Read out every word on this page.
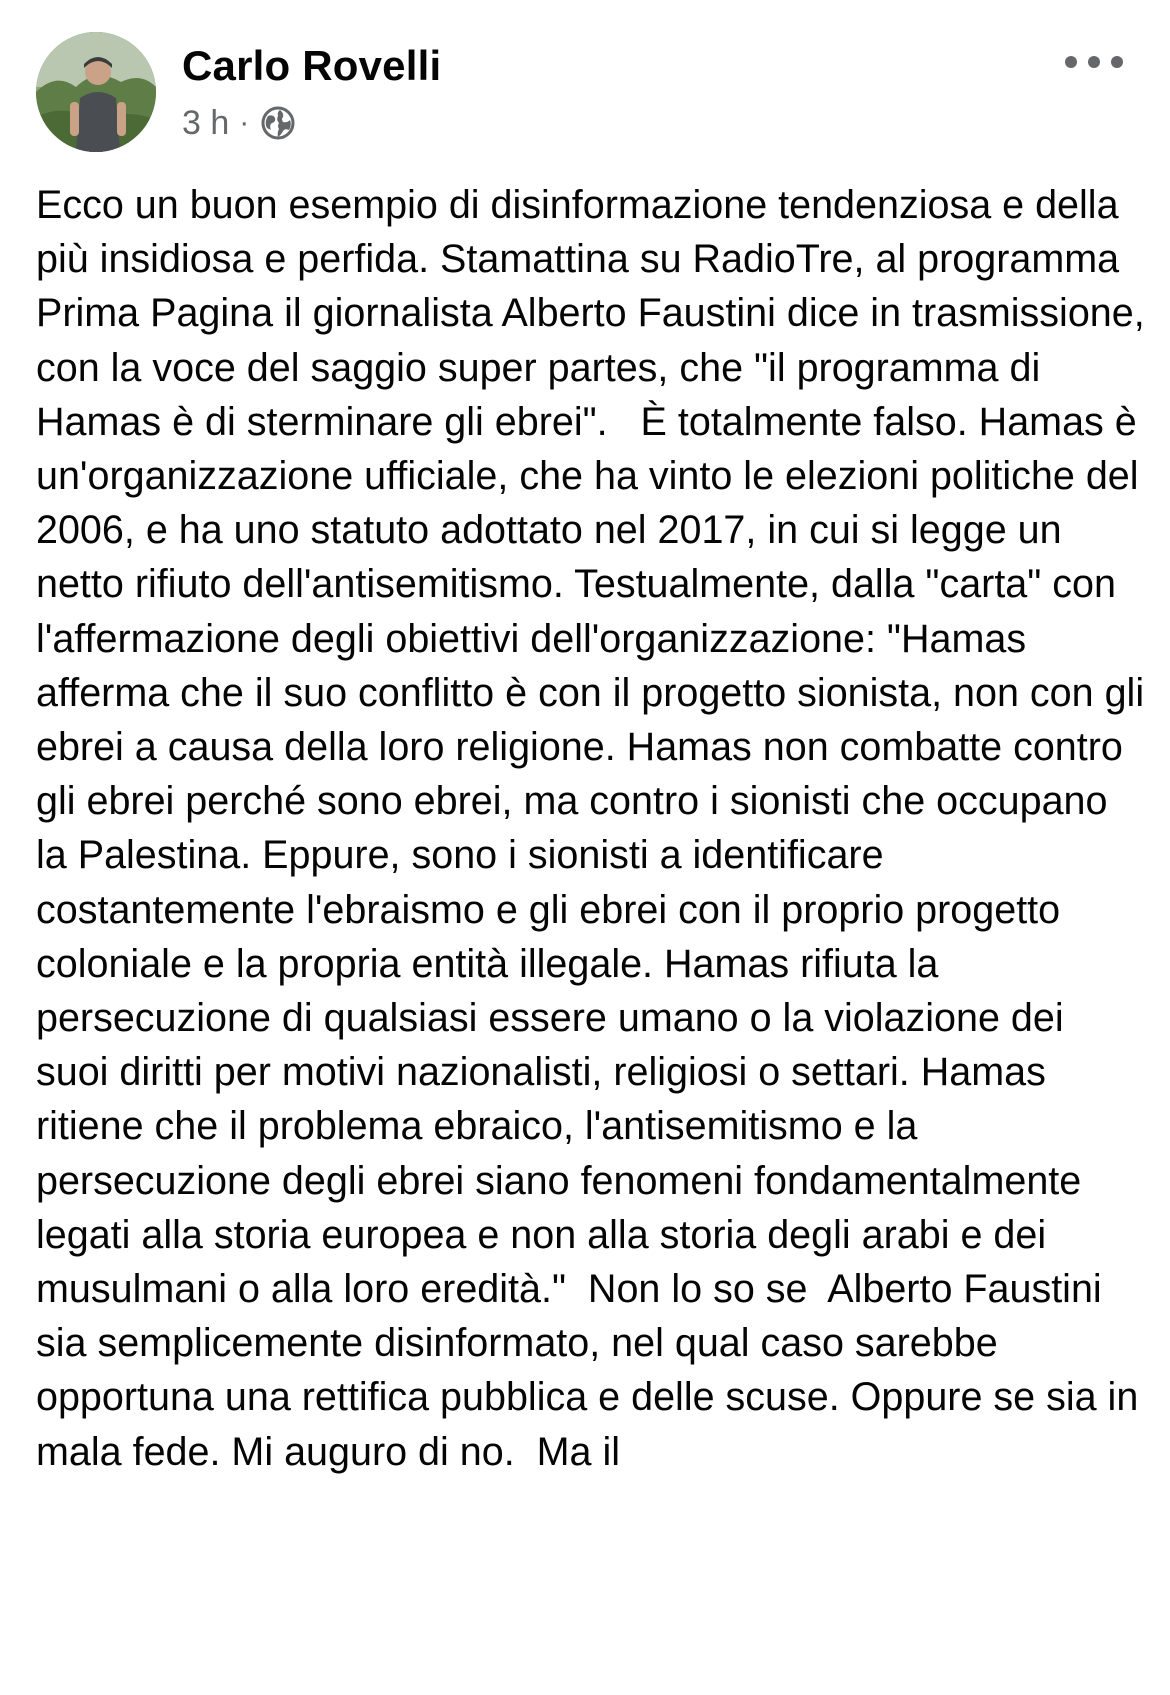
Carlo Rovelli
3 h ·
Ecco un buon esempio di disinformazione tendenziosa e della più insidiosa e perfida. Stamattina su RadioTre, al programma Prima Pagina il giornalista Alberto Faustini dice in trasmissione, con la voce del saggio super partes, che "il programma di Hamas è di sterminare gli ebrei".   È totalmente falso. Hamas è un'organizzazione ufficiale, che ha vinto le elezioni politiche del 2006, e ha uno statuto adottato nel 2017, in cui si legge un netto rifiuto dell'antisemitismo. Testualmente, dalla "carta" con l'affermazione degli obiettivi dell'organizzazione: "Hamas afferma che il suo conflitto è con il progetto sionista, non con gli ebrei a causa della loro religione. Hamas non combatte contro gli ebrei perché sono ebrei, ma contro i sionisti che occupano la Palestina. Eppure, sono i sionisti a identificare costantemente l'ebraismo e gli ebrei con il proprio progetto coloniale e la propria entità illegale. Hamas rifiuta la persecuzione di qualsiasi essere umano o la violazione dei suoi diritti per motivi nazionalisti, religiosi o settari. Hamas ritiene che il problema ebraico, l'antisemitismo e la persecuzione degli ebrei siano fenomeni fondamentalmente legati alla storia europea e non alla storia degli arabi e dei musulmani o alla loro eredità."  Non lo so se  Alberto Faustini sia semplicemente disinformato, nel qual caso sarebbe opportuna una rettifica pubblica e delle scuse. Oppure se sia in mala fede. Mi auguro di no.  Ma il
